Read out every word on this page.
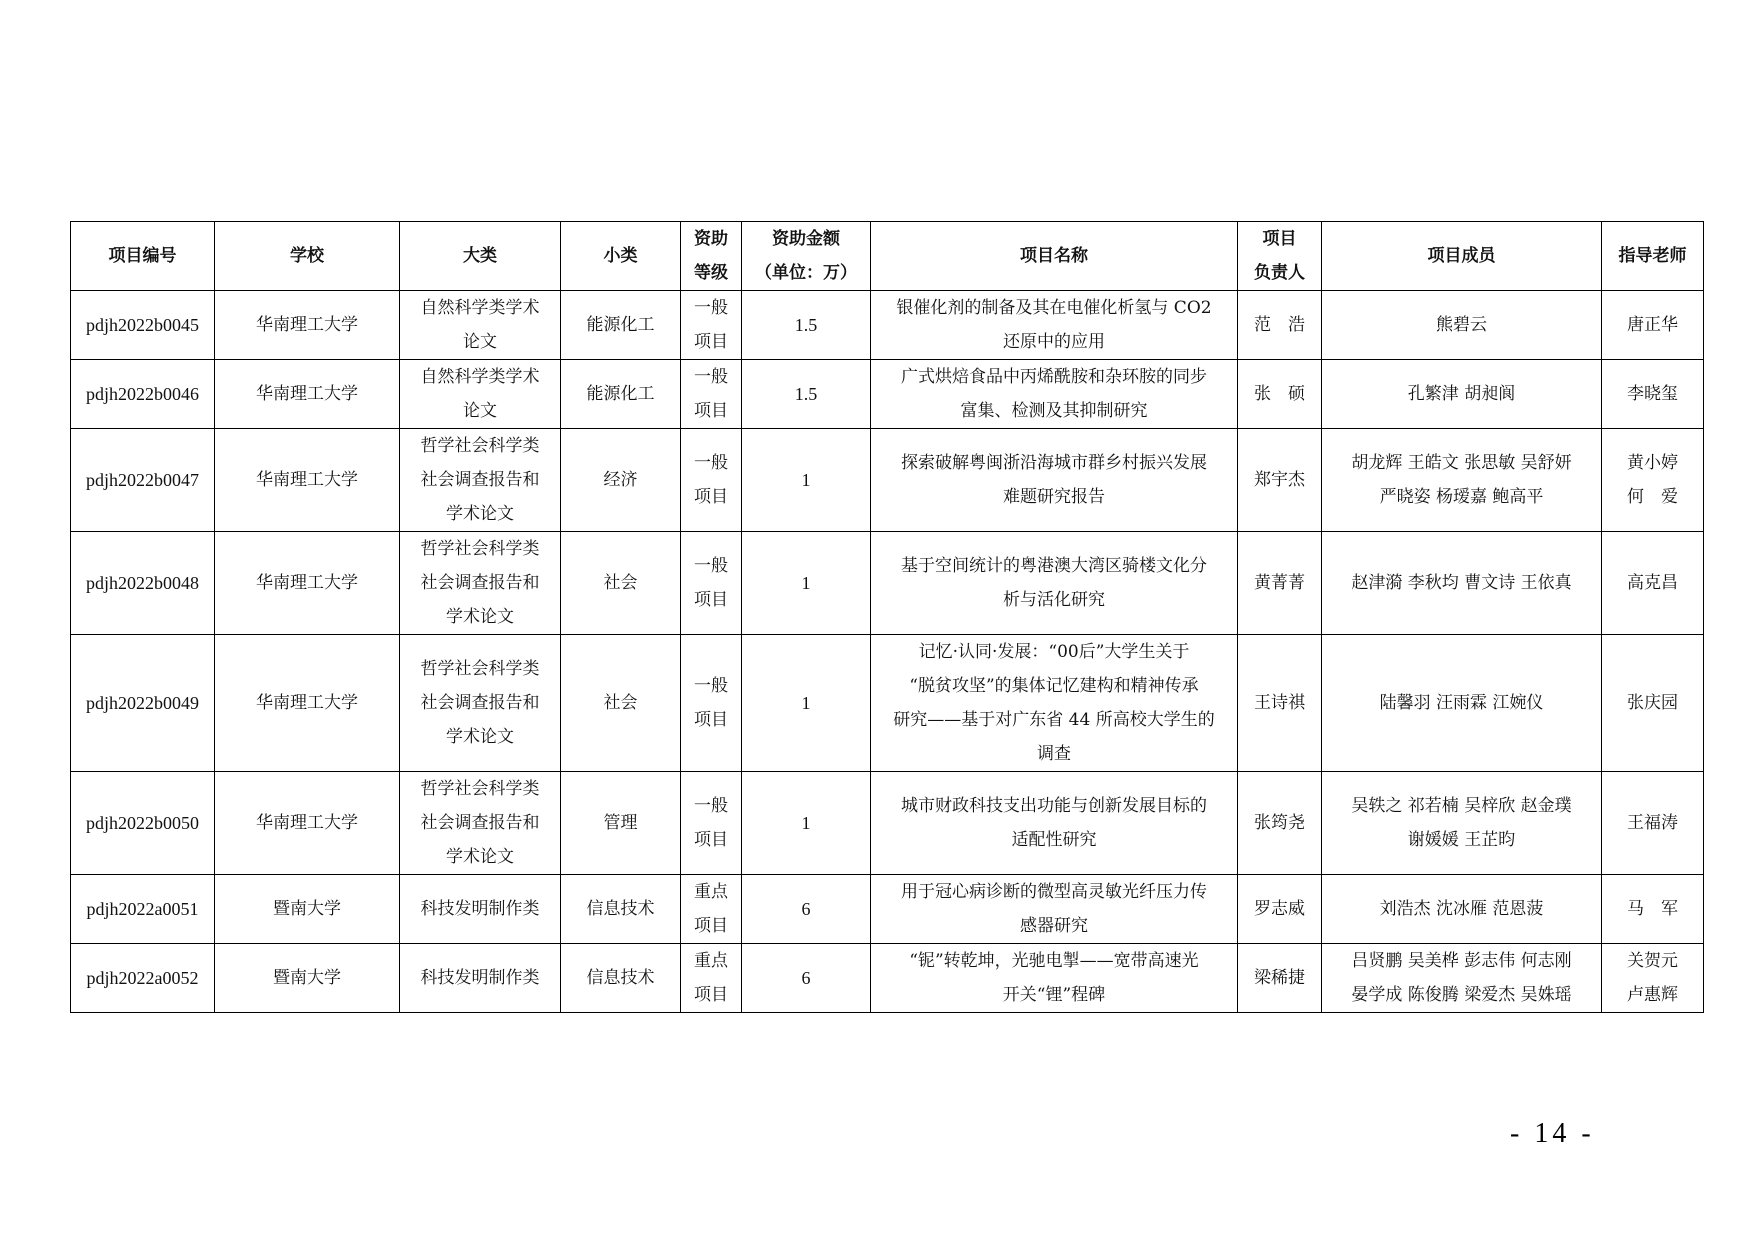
项目编号	学校	大类	小类	资助
等级	资助金额
（单位：万）	项目名称	项目
负责人	项目成员	指导老师

pdjh2022b0045	华南理工大学	自然科学类学术
论文	能源化工	一般
项目	1.5	银催化剂的制备及其在电催化析氢与 CO2
还原中的应用	范　浩	熊碧云	唐正华

pdjh2022b0046	华南理工大学	自然科学类学术
论文	能源化工	一般
项目	1.5	广式烘焙食品中丙烯酰胺和杂环胺的同步
富集、检测及其抑制研究	张　硕	孔繁津 胡昶阆	李晓玺

pdjh2022b0047	华南理工大学	哲学社会科学类
社会调查报告和
学术论文	经济	一般
项目	1	探索破解粤闽浙沿海城市群乡村振兴发展
难题研究报告	郑宇杰	胡龙辉 王皓文 张思敏 吴舒妍
严晓姿 杨瑷嘉 鲍高平	黄小婷
何　爱

pdjh2022b0048	华南理工大学	哲学社会科学类
社会调查报告和
学术论文	社会	一般
项目	1	基于空间统计的粤港澳大湾区骑楼文化分
析与活化研究	黄菁菁	赵津漪 李秋均 曹文诗 王依真	高克昌

pdjh2022b0049	华南理工大学	哲学社会科学类
社会调查报告和
学术论文	社会	一般
项目	1	记忆·认同·发展：“00后”大学生关于
“脱贫攻坚”的集体记忆建构和精神传承
研究——基于对广东省 44 所高校大学生的
调查	王诗祺	陆馨羽 汪雨霖 江婉仪	张庆园

pdjh2022b0050	华南理工大学	哲学社会科学类
社会调查报告和
学术论文	管理	一般
项目	1	城市财政科技支出功能与创新发展目标的
适配性研究	张筠尧	吴轶之 祁若楠 吴梓欣 赵金璞
谢媛媛 王芷昀	王福涛

pdjh2022a0051	暨南大学	科技发明制作类	信息技术	重点
项目	6	用于冠心病诊断的微型高灵敏光纤压力传
感器研究	罗志威	刘浩杰 沈冰雁 范恩菠	马　军

pdjh2022a0052	暨南大学	科技发明制作类	信息技术	重点
项目	6	“铌”转乾坤，光驰电掣——宽带高速光
开关“锂”程碑	梁稀捷	吕贤鹏 吴美桦 彭志伟 何志刚
晏学成 陈俊腾 梁爱杰 吴姝瑶	关贺元
卢惠辉
- 14 -
